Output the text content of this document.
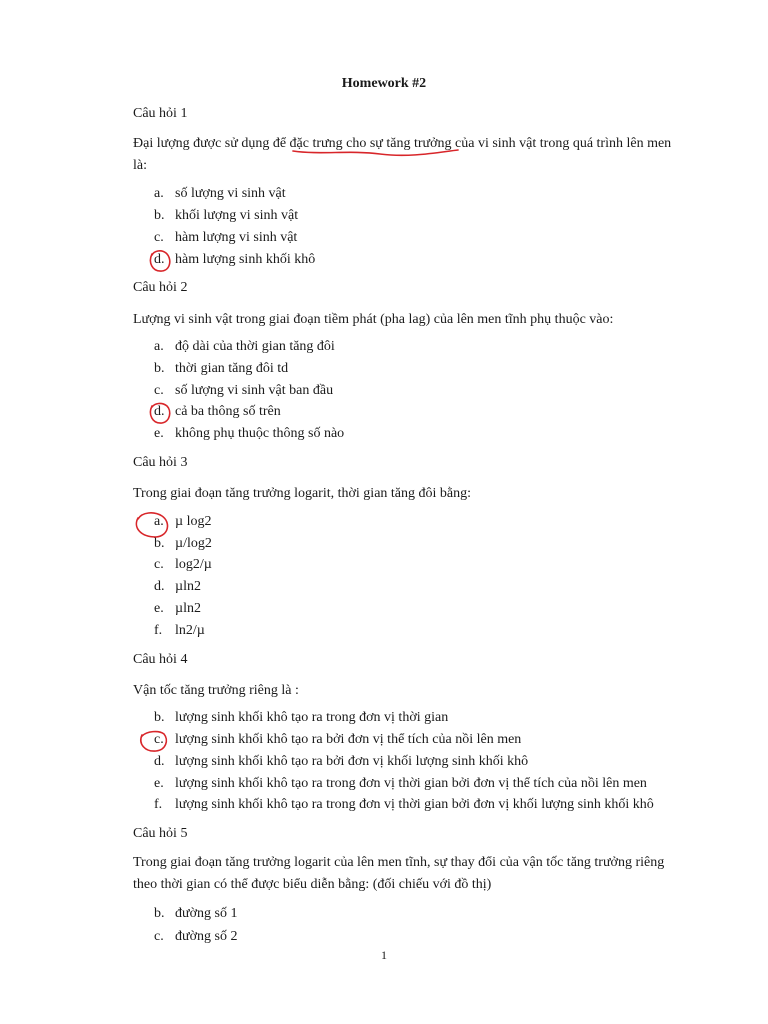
Homework #2
Câu hỏi 1
Đại lượng được sử dụng để đặc trưng cho sự tăng trưởng của vi sinh vật trong quá trình lên men là:
a. số lượng vi sinh vật
b. khối lượng vi sinh vật
c. hàm lượng vi sinh vật
d. hàm lượng sinh khối khô
Câu hỏi 2
Lượng vi sinh vật trong giai đoạn tiềm phát (pha lag) của lên men tĩnh phụ thuộc vào:
a. độ dài của thời gian tăng đôi
b. thời gian tăng đôi td
c. số lượng vi sinh vật ban đầu
d. cả ba thông số trên
e. không phụ thuộc thông số nào
Câu hỏi 3
Trong giai đoạn tăng trưởng logarit, thời gian tăng đôi bằng:
a. µ log2
b. µ/log2
c. log2/µ
d. µln2
e. µln2
f. ln2/µ
Câu hỏi 4
Vận tốc tăng trưởng riêng là :
b. lượng sinh khối khô tạo ra trong đơn vị thời gian
c. lượng sinh khối khô tạo ra bởi đơn vị thể tích của nồi lên men
d. lượng sinh khối khô tạo ra bởi đơn vị khối lượng sinh khối khô
e. lượng sinh khối khô tạo ra trong đơn vị thời gian bởi đơn vị thể tích của nồi lên men
f. lượng sinh khối khô tạo ra trong đơn vị thời gian bởi đơn vị khối lượng sinh khối khô
Câu hỏi 5
Trong giai đoạn tăng trưởng logarit của lên men tĩnh, sự thay đổi của vận tốc tăng trưởng riêng theo thời gian có thể được biểu diễn bằng: (đối chiếu với đồ thị)
b. đường số 1
c. đường số 2
1
